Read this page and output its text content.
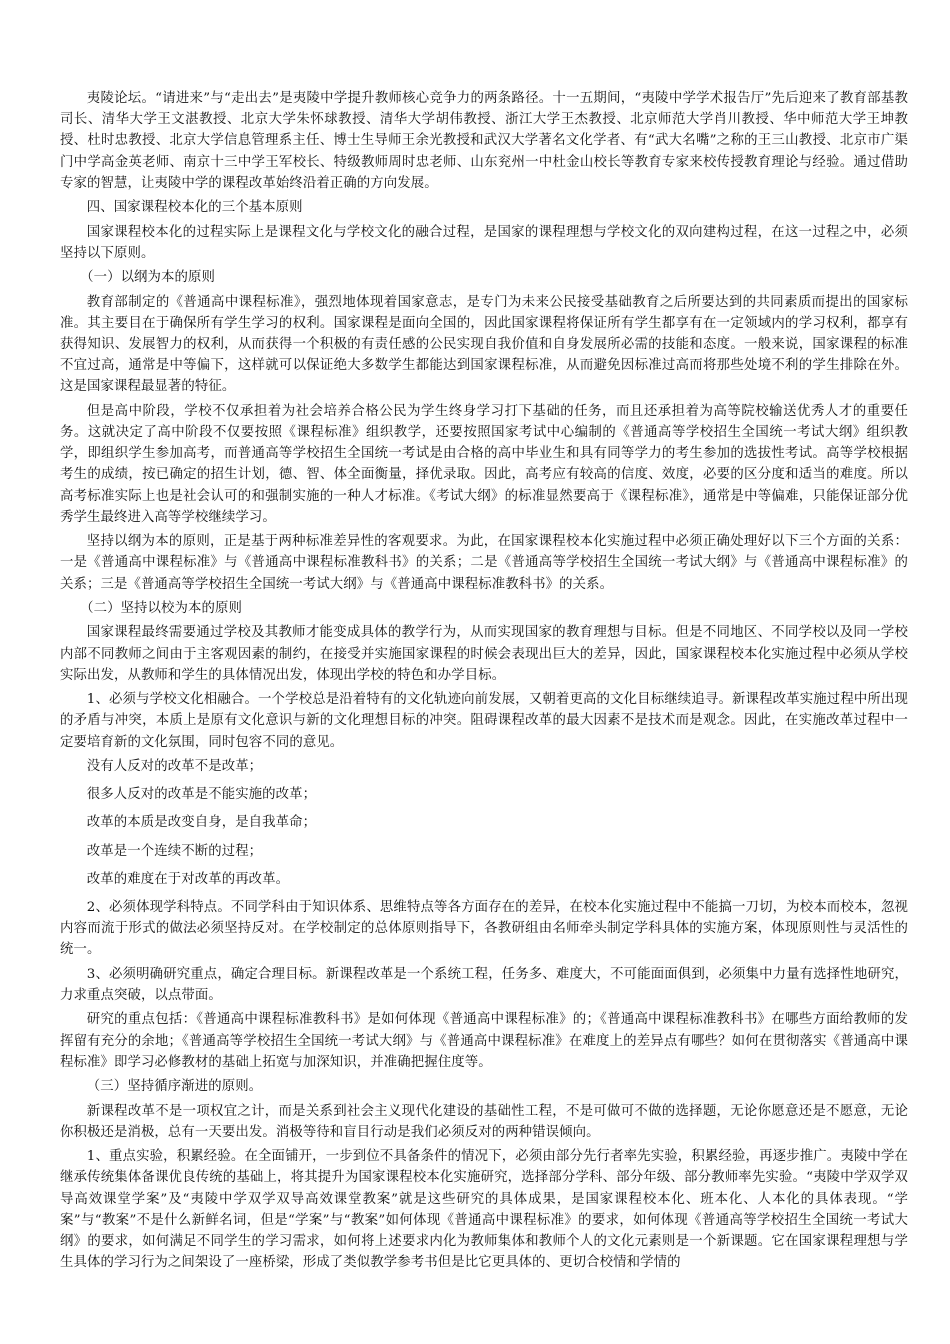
夷陵论坛。“请进来”与“走出去”是夷陵中学提升教师核心竞争力的两条路径。十一五期间，“夷陵中学学术报告厅”先后迎来了教育部基教司长、清华大学王文湛教授、北京大学朱怀球教授、清华大学胡伟教授、浙江大学王杰教授、北京师范大学肖川教授、华中师范大学王坤教授、杜时忠教授、北京大学信息管理系主任、博士生导师王余光教授和武汉大学著名文化学者、有“武大名嘴”之称的王三山教授、北京市广渠门中学高金英老师、南京十三中学王军校长、特级教师周时忠老师、山东兖州一中杜金山校长等教育专家来校传授教育理论与经验。通过借助专家的智慧，让夷陵中学的课程改革始终沿着正确的方向发展。

四、国家课程校本化的三个基本原则

国家课程校本化的过程实际上是课程文化与学校文化的融合过程，是国家的课程理想与学校文化的双向建构过程，在这一过程之中，必须坚持以下原则。

（一）以纲为本的原则

教育部制定的《普通高中课程标准》，强烈地体现着国家意志，是专门为未来公民接受基础教育之后所要达到的共同素质而提出的国家标准。其主要目在于确保所有学生学习的权利。国家课程是面向全国的，因此国家课程将保证所有学生都享有在一定领域内的学习权利，都享有获得知识、发展智力的权利，从而获得一个积极的有责任感的公民实现自我价值和自身发展所必需的技能和态度。一般来说，国家课程的标准不宜过高，通常是中等偏下，这样就可以保证绝大多数学生都能达到国家课程标准，从而避免因标准过高而将那些处境不利的学生排除在外。这是国家课程最显著的特征。

但是高中阶段，学校不仅承担着为社会培养合格公民为学生终身学习打下基础的任务，而且还承担着为高等院校输送优秀人才的重要任务。这就决定了高中阶段不仅要按照《课程标准》组织教学，还要按照国家考试中心编制的《普通高等学校招生全国统一考试大纲》组织教学，即组织学生参加高考，而普通高等学校招生全国统一考试是由合格的高中毕业生和具有同等学力的考生参加的选拔性考试。高等学校根据考生的成绩，按已确定的招生计划，德、智、体全面衡量，择优录取。因此，高考应有较高的信度、效度，必要的区分度和适当的难度。所以高考标准实际上也是社会认可的和强制实施的一种人才标准。《考试大纲》的标准显然要高于《课程标准》，通常是中等偏难，只能保证部分优秀学生最终进入高等学校继续学习。

坚持以纲为本的原则，正是基于两种标准差异性的客观要求。为此，在国家课程校本化实施过程中必须正确处理好以下三个方面的关系：一是《普通高中课程标准》与《普通高中课程标准教科书》的关系；二是《普通高等学校招生全国统一考试大纲》与《普通高中课程标准》的关系；三是《普通高等学校招生全国统一考试大纲》与《普通高中课程标准教科书》的关系。

（二）坚持以校为本的原则

国家课程最终需要通过学校及其教师才能变成具体的教学行为，从而实现国家的教育理想与目标。但是不同地区、不同学校以及同一学校内部不同教师之间由于主客观因素的制约，在接受并实施国家课程的时候会表现出巨大的差异，因此，国家课程校本化实施过程中必须从学校实际出发，从教师和学生的具体情况出发，体现出学校的特色和办学目标。

1、必须与学校文化相融合。一个学校总是沿着特有的文化轨迹向前发展，又朝着更高的文化目标继续追寻。新课程改革实施过程中所出现的矛盾与冲突，本质上是原有文化意识与新的文化理想目标的冲突。阻碍课程改革的最大因素不是技术而是观念。因此，在实施改革过程中一定要培育新的文化氛围，同时包容不同的意见。

没有人反对的改革不是改革；

很多人反对的改革是不能实施的改革；

改革的本质是改变自身，是自我革命；

改革是一个连续不断的过程；

改革的难度在于对改革的再改革。

2、必须体现学科特点。不同学科由于知识体系、思维特点等各方面存在的差异，在校本化实施过程中不能搞一刀切，为校本而校本，忽视内容而流于形式的做法必须坚持反对。在学校制定的总体原则指导下，各教研组由名师牵头制定学科具体的实施方案，体现原则性与灵活性的统一。

3、必须明确研究重点，确定合理目标。新课程改革是一个系统工程，任务多、难度大，不可能面面俱到，必须集中力量有选择性地研究，力求重点突破，以点带面。

研究的重点包括：《普通高中课程标准教科书》是如何体现《普通高中课程标准》的；《普通高中课程标准教科书》在哪些方面给教师的发挥留有充分的余地；《普通高等学校招生全国统一考试大纲》与《普通高中课程标准》在难度上的差异点有哪些？如何在贯彻落实《普通高中课程标准》即学习必修教材的基础上拓宽与加深知识，并准确把握住度等。

（三）坚持循序渐进的原则。

新课程改革不是一项权宜之计，而是关系到社会主义现代化建设的基础性工程，不是可做可不做的选择题，无论你愿意还是不愿意，无论你积极还是消极，总有一天要出发。消极等待和盲目行动是我们必须反对的两种错误倾向。

1、重点实验，积累经验。在全面铺开，一步到位不具备条件的情况下，必须由部分先行者率先实验，积累经验，再逐步推广。夷陵中学在继承传统集体备课优良传统的基础上，将其提升为国家课程校本化实施研究，选择部分学科、部分年级、部分教师率先实验。“夷陵中学双学双导高效课堂学案”及“夷陵中学双学双导高效课堂教案”就是这些研究的具体成果，是国家课程校本化、班本化、人本化的具体表现。“学案”与“教案”不是什么新鲜名词，但是“学案”与“教案”如何体现《普通高中课程标准》的要求，如何体现《普通高等学校招生全国统一考试大纲》的要求，如何满足不同学生的学习需求，如何将上述要求内化为教师集体和教师个人的文化元素则是一个新课题。它在国家课程理想与学生具体的学习行为之间架设了一座桥梁，形成了类似教学参考书但是比它更具体的、更切合校情和学情的
